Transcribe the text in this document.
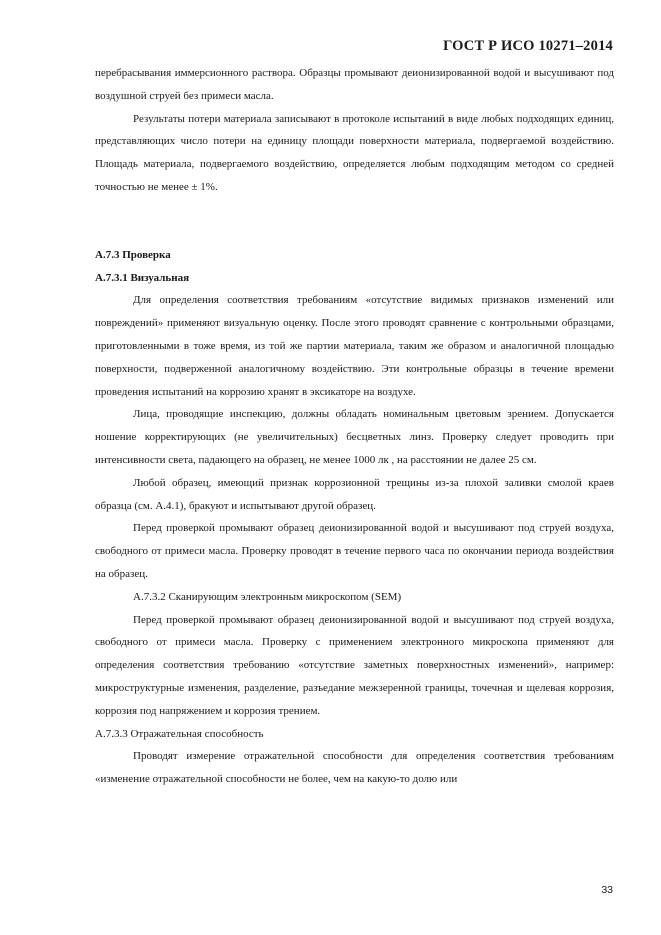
ГОСТ Р ИСО 10271–2014

перебрасывания иммерсионного раствора. Образцы промывают деионизированной водой и высушивают под воздушной струей без примеси масла.

Результаты потери материала записывают в протоколе испытаний в виде любых подходящих единиц, представляющих число потери на единицу площади поверхности материала, подвергаемой воздействию. Площадь материала, подвергаемого воздействию, определяется любым подходящим методом со средней точностью не менее ± 1%.

А.7.3 Проверка

А.7.3.1 Визуальная

Для определения соответствия требованиям «отсутствие видимых признаков изменений или повреждений» применяют визуальную оценку. После этого проводят сравнение с контрольными образцами, приготовленными в тоже время, из той же партии материала, таким же образом и аналогичной площадью поверхности, подверженной аналогичному воздействию. Эти контрольные образцы в течение времени проведения испытаний на коррозию хранят в эксикаторе на воздухе.

Лица, проводящие инспекцию, должны обладать номинальным цветовым зрением. Допускается ношение корректирующих (не увеличительных) бесцветных линз. Проверку следует проводить при интенсивности света, падающего на образец, не менее 1000 лк , на расстоянии не далее 25 см.

Любой образец, имеющий признак коррозионной трещины из-за плохой заливки смолой краев образца (см. А.4.1), бракуют и испытывают другой образец.

Перед проверкой промывают образец деионизированной водой и высушивают под струей воздуха, свободного от примеси масла. Проверку проводят в течение первого часа по окончании периода воздействия на образец.

А.7.3.2 Сканирующим электронным микроскопом (SEM)

Перед проверкой промывают образец деионизированной водой и высушивают под струей воздуха, свободного от примеси масла. Проверку с применением электронного микроскопа применяют для определения соответствия требованию «отсутствие заметных поверхностных изменений», например: микроструктурные изменения, разделение, разъедание межзеренной границы, точечная и щелевая коррозия, коррозия под напряжением и коррозия трением.

А.7.3.3 Отражательная способность

Проводят измерение отражательной способности для определения соответствия требованиям «изменение отражательной способности не более, чем на какую-то долю или

33
